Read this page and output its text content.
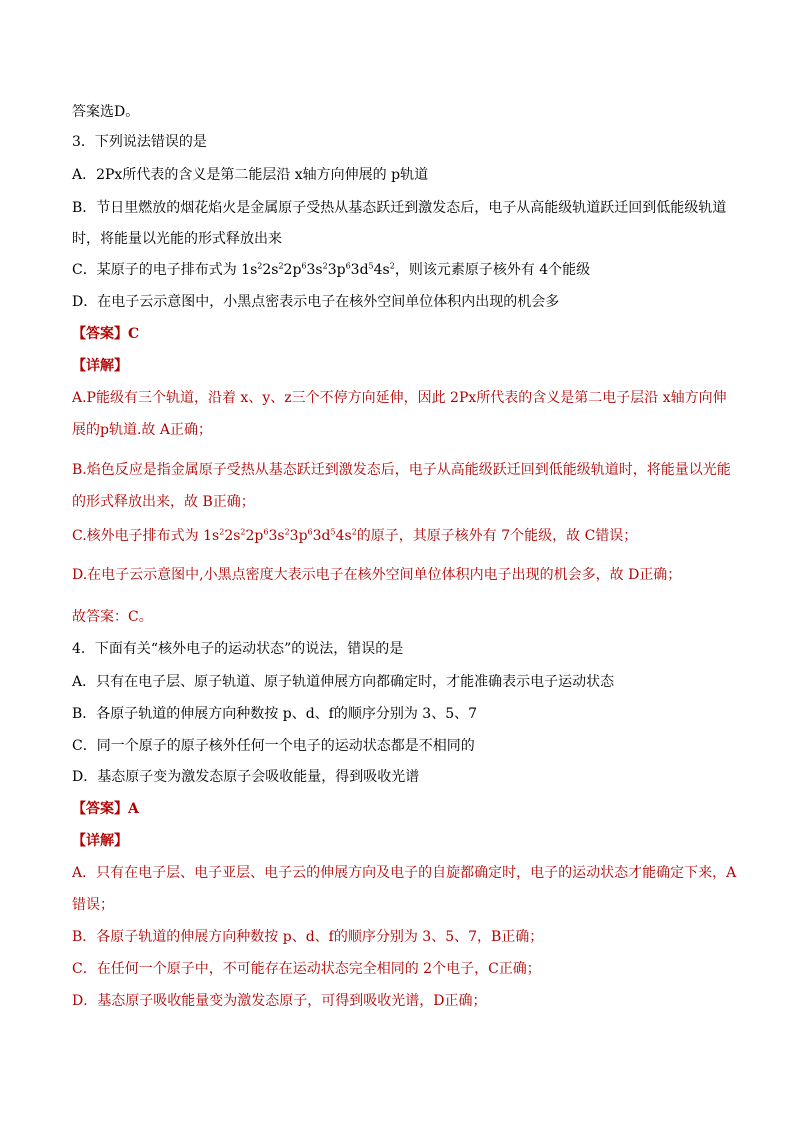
答案选D。
3．下列说法错误的是
A．2Px所代表的含义是第二能层沿 x轴方向伸展的 p轨道
B．节日里燃放的烟花焰火是金属原子受热从基态跃迁到激发态后，电子从高能级轨道跃迁回到低能级轨道
时，将能量以光能的形式释放出来
C．某原子的电子排布式为 $1s^22s^22p^63s^23p^63d^54s^2$，则该元素原子核外有 4个能级
D．在电子云示意图中，小黑点密表示电子在核外空间单位体积内出现的机会多
【答案】C
【详解】
A.P能级有三个轨道，沿着 x、y、z三个不停方向延伸，因此 2Px所代表的含义是第二电子层沿 x轴方向伸
展的p轨道.故 A正确；
B.焰色反应是指金属原子受热从基态跃迁到激发态后，电子从高能级跃迁回到低能级轨道时，将能量以光能
的形式释放出来，故 B正确；
C.核外电子排布式为 $1s^22s^22p^63s^23p^63d^54s^2$的原子，其原子核外有 7个能级，故 C错误；
D.在电子云示意图中,小黑点密度大表示电子在核外空间单位体积内电子出现的机会多，故 D正确；
故答案：C。
4．下面有关“核外电子的运动状态”的说法，错误的是
A．只有在电子层、原子轨道、原子轨道伸展方向都确定时，才能准确表示电子运动状态
B．各原子轨道的伸展方向种数按 p、d、f的顺序分别为 3、5、7
C．同一个原子的原子核外任何一个电子的运动状态都是不相同的
D．基态原子变为激发态原子会吸收能量，得到吸收光谱
【答案】A
【详解】
A．只有在电子层、电子亚层、电子云的伸展方向及电子的自旋都确定时，电子的运动状态才能确定下来，A
错误；
B．各原子轨道的伸展方向种数按 p、d、f的顺序分别为 3、5、7，B正确；
C．在任何一个原子中，不可能存在运动状态完全相同的 2个电子，C正确；
D．基态原子吸收能量变为激发态原子，可得到吸收光谱，D正确；
